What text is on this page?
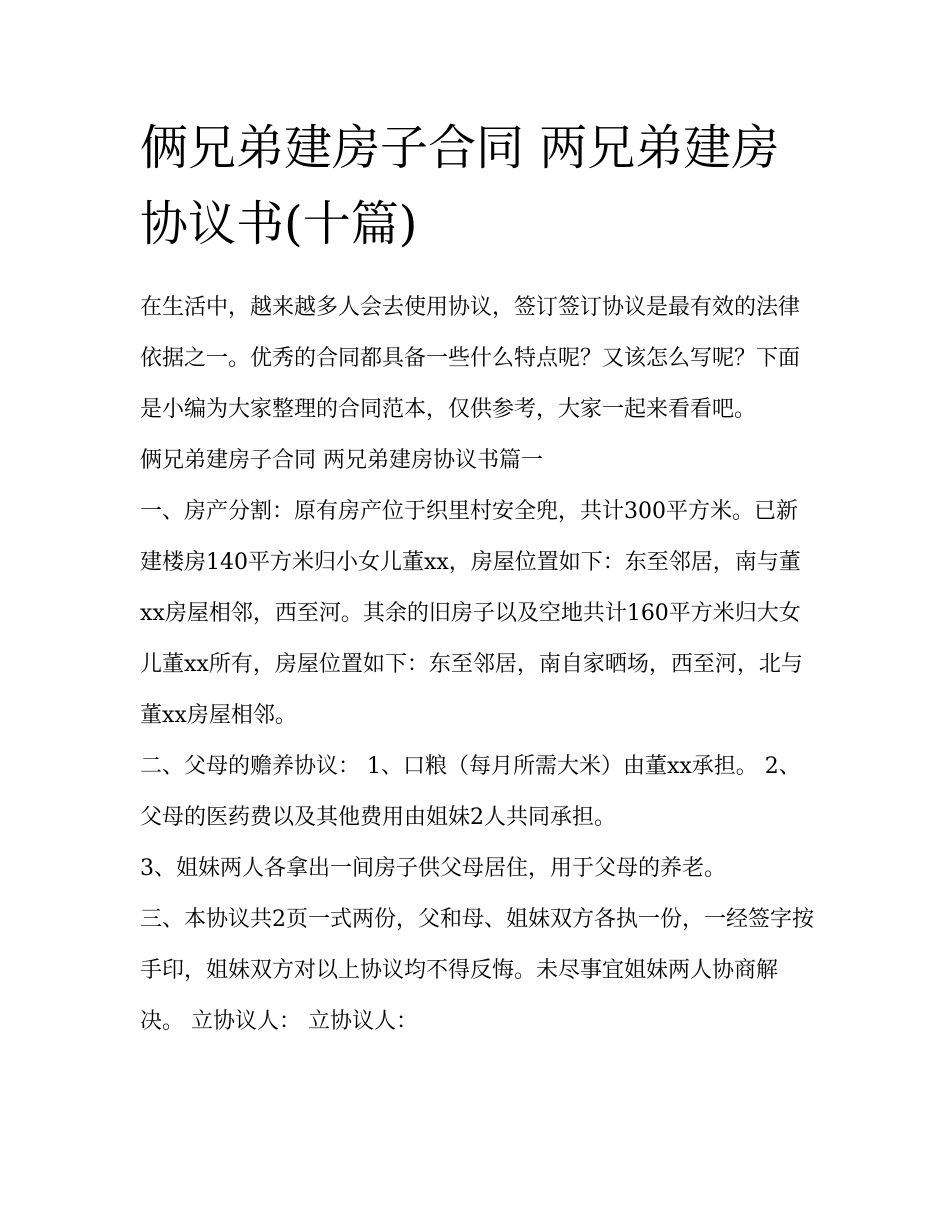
俩兄弟建房子合同 两兄弟建房协议书(十篇)

在生活中，越来越多人会去使用协议，签订签订协议是最有效的法律依据之一。优秀的合同都具备一些什么特点呢？又该怎么写呢？下面是小编为大家整理的合同范本，仅供参考，大家一起来看看吧。

俩兄弟建房子合同 两兄弟建房协议书篇一

一、房产分割：原有房产位于织里村安全兜，共计300平方米。已新建楼房140平方米归小女儿董xx，房屋位置如下：东至邻居，南与董xx房屋相邻，西至河。其余的旧房子以及空地共计160平方米归大女儿董xx所有，房屋位置如下：东至邻居，南自家晒场，西至河，北与董xx房屋相邻。

二、父母的赡养协议： 1、口粮（每月所需大米）由董xx承担。 2、父母的医药费以及其他费用由姐妹2人共同承担。

3、姐妹两人各拿出一间房子供父母居住，用于父母的养老。

三、本协议共2页一式两份，父和母、姐妹双方各执一份，一经签字按手印，姐妹双方对以上协议均不得反悔。未尽事宜姐妹两人协商解决。 立协议人： 立协议人：
